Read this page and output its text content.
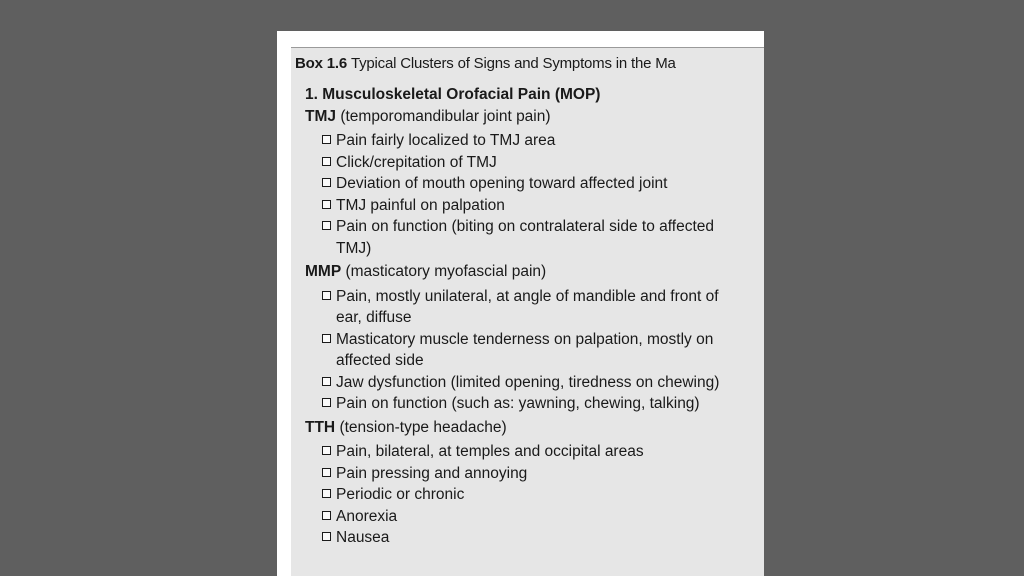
Box 1.6 Typical Clusters of Signs and Symptoms in the Ma
1. Musculoskeletal Orofacial Pain (MOP)
TMJ (temporomandibular joint pain)
Pain fairly localized to TMJ area
Click/crepitation of TMJ
Deviation of mouth opening toward affected joint
TMJ painful on palpation
Pain on function (biting on contralateral side to affected TMJ)
MMP (masticatory myofascial pain)
Pain, mostly unilateral, at angle of mandible and front of ear, diffuse
Masticatory muscle tenderness on palpation, mostly on affected side
Jaw dysfunction (limited opening, tiredness on chewing)
Pain on function (such as: yawning, chewing, talking)
TTH (tension-type headache)
Pain, bilateral, at temples and occipital areas
Pain pressing and annoying
Periodic or chronic
Anorexia
Nausea
